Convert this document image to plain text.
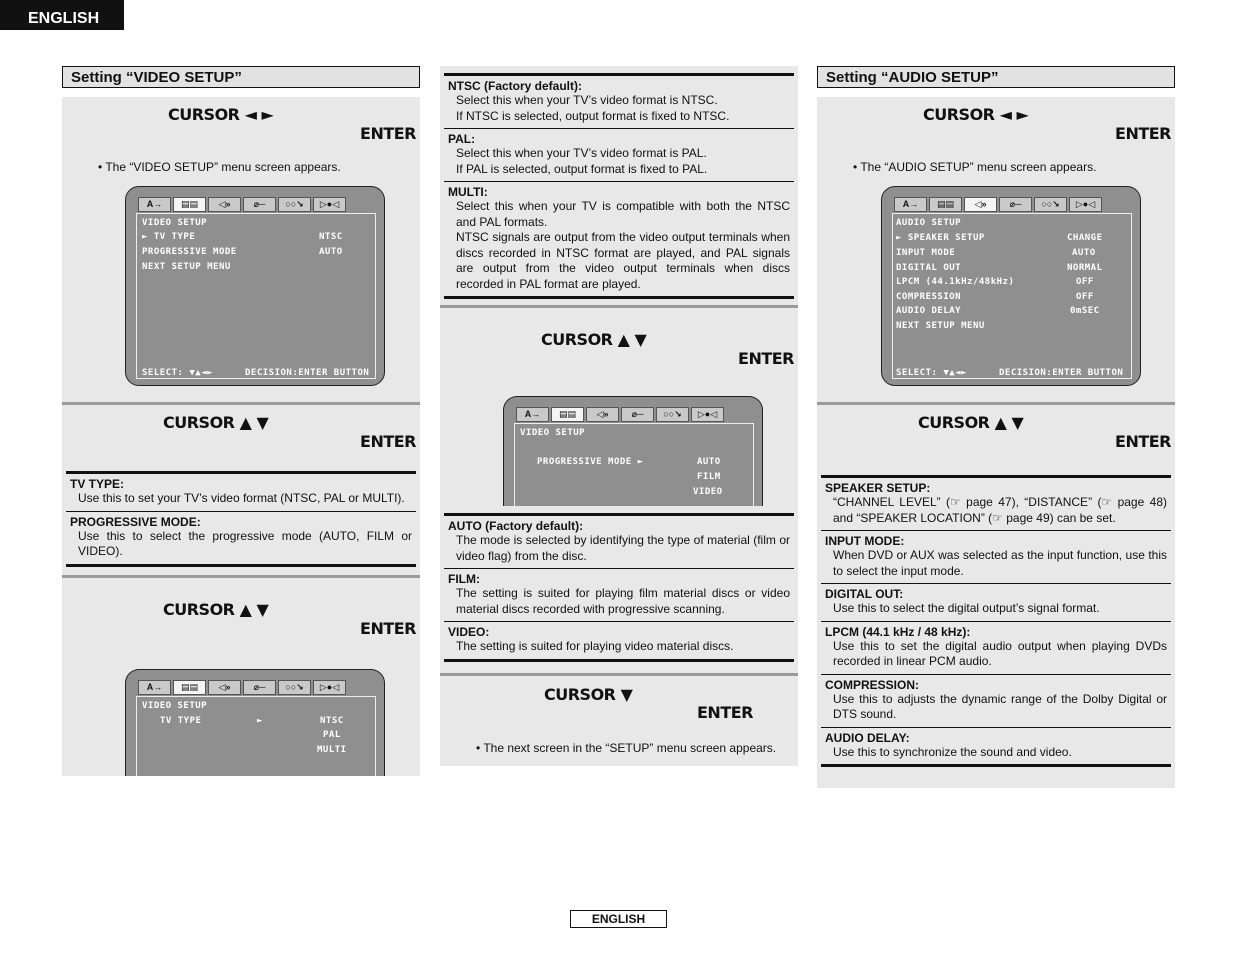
ENGLISH
Setting “VIDEO SETUP”
CURSOR ◄ ►
ENTER
• The “VIDEO SETUP” menu screen appears.
A→	▤▤	◁»	⌀─	○○↘	▷●◁
VIDEO SETUP
► TV TYPE	NTSC
PROGRESSIVE MODE	AUTO
NEXT SETUP MENU
SELECT: ▼▲◄►	DECISION:ENTER BUTTON
CURSOR ▲ ▼
ENTER
TV TYPE:
Use this to set your TV’s video format (NTSC, PAL or MULTI).
PROGRESSIVE MODE:
Use this to select the progressive mode (AUTO, FILM or VIDEO).
CURSOR ▲ ▼
ENTER
A→	▤▤	◁»	⌀─	○○↘	▷●◁
VIDEO SETUP
TV TYPE	►	NTSC
PAL
MULTI
NTSC (Factory default):
Select this when your TV’s video format is NTSC.
If NTSC is selected, output format is fixed to NTSC.
PAL:
Select this when your TV’s video format is PAL.
If PAL is selected, output format is fixed to PAL.
MULTI:
Select this when your TV is compatible with both the NTSC and PAL formats.
NTSC signals are output from the video output terminals when discs recorded in NTSC format are played, and PAL signals are output from the video output terminals when discs recorded in PAL format are played.
CURSOR ▲ ▼
ENTER
A→	▤▤	◁»	⌀─	○○↘	▷●◁
VIDEO SETUP
PROGRESSIVE MODE ►	AUTO
FILM
VIDEO
AUTO (Factory default):
The mode is selected by identifying the type of material (film or video flag) from the disc.
FILM:
The setting is suited for playing film material discs or video material discs recorded with progressive scanning.
VIDEO:
The setting is suited for playing video material discs.
CURSOR ▼
ENTER
• The next screen in the “SETUP” menu screen appears.
Setting “AUDIO SETUP”
CURSOR ◄ ►
ENTER
• The “AUDIO SETUP” menu screen appears.
A→	▤▤	◁»	⌀─	○○↘	▷●◁
AUDIO SETUP
► SPEAKER SETUP	CHANGE
INPUT MODE	AUTO
DIGITAL OUT	NORMAL
LPCM (44.1kHz/48kHz)	OFF
COMPRESSION	OFF
AUDIO DELAY	0mSEC
NEXT SETUP MENU
SELECT: ▼▲◄►	DECISION:ENTER BUTTON
CURSOR ▲ ▼
ENTER
SPEAKER SETUP:
“CHANNEL LEVEL” (☞ page 47), “DISTANCE” (☞ page 48) and “SPEAKER LOCATION” (☞ page 49) can be set.
INPUT MODE:
When DVD or AUX was selected as the input function, use this to select the input mode.
DIGITAL OUT:
Use this to select the digital output’s signal format.
LPCM (44.1 kHz / 48 kHz):
Use this to set the digital audio output when playing DVDs recorded in linear PCM audio.
COMPRESSION:
Use this to adjusts the dynamic range of the Dolby Digital or DTS sound.
AUDIO DELAY:
Use this to synchronize the sound and video.
ENGLISH
